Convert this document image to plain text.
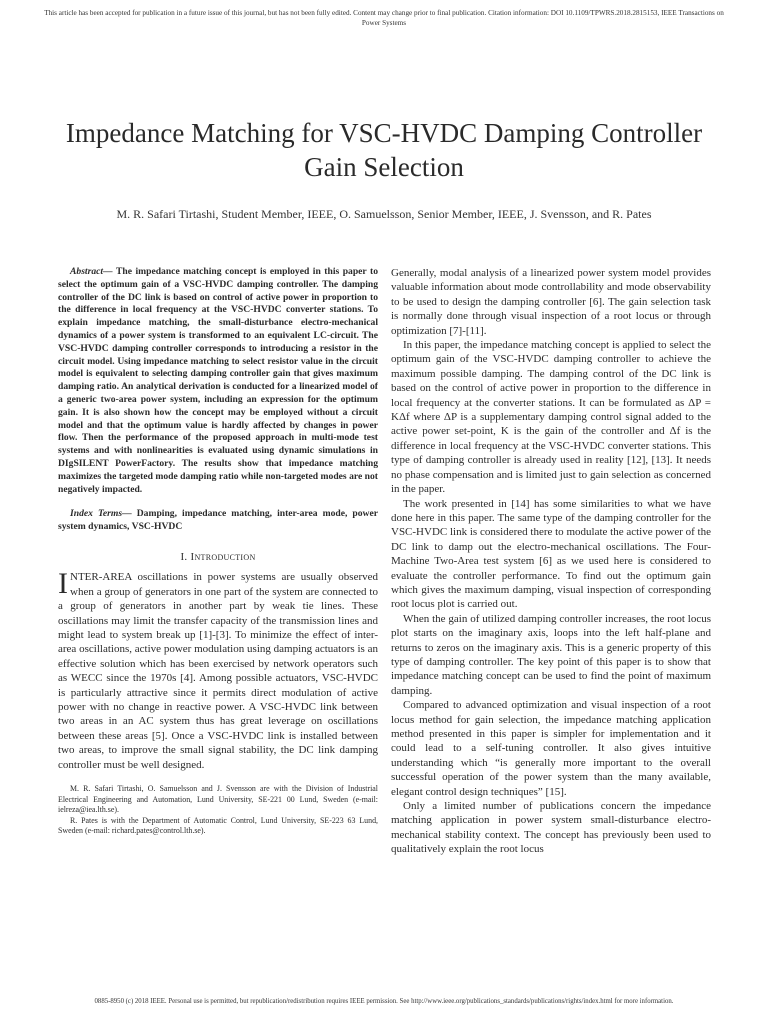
This article has been accepted for publication in a future issue of this journal, but has not been fully edited. Content may change prior to final publication. Citation information: DOI 10.1109/TPWRS.2018.2815153, IEEE Transactions on Power Systems
Impedance Matching for VSC-HVDC Damping Controller Gain Selection
M. R. Safari Tirtashi, Student Member, IEEE, O. Samuelsson, Senior Member, IEEE, J. Svensson, and R. Pates

Abstract— The impedance matching concept is employed in this paper to select the optimum gain of a VSC-HVDC damping controller. The damping controller of the DC link is based on control of active power in proportion to the difference in local frequency at the VSC-HVDC converter stations. To explain impedance matching, the small-disturbance electro-mechanical dynamics of a power system is transformed to an equivalent LC-circuit. The VSC-HVDC damping controller corresponds to introducing a resistor in the circuit model. Using impedance matching to select resistor value in the circuit model is equivalent to selecting damping controller gain that gives maximum damping ratio. An analytical derivation is conducted for a linearized model of a generic two-area power system, including an expression for the optimum gain. It is also shown how the concept may be employed without a circuit model and that the optimum value is hardly affected by changes in power flow. Then the performance of the proposed approach in multi-mode test systems and with nonlinearities is evaluated using dynamic simulations in DIgSILENT PowerFactory. The results show that impedance matching maximizes the targeted mode damping ratio while non-targeted modes are not negatively impacted.

Index Terms— Damping, impedance matching, inter-area mode, power system dynamics, VSC-HVDC

I. Introduction

I NTER-AREA oscillations in power systems are usually observed when a group of generators in one part of the system are connected to a group of generators in another part by weak tie lines. These oscillations may limit the transfer capacity of the transmission lines and might lead to system break up [1]-[3]. To minimize the effect of inter-area oscillations, active power modulation using damping actuators is an effective solution which has been exercised by network operators such as WECC since the 1970s [4]. Among possible actuators, VSC-HVDC is particularly attractive since it permits direct modulation of active power with no change in reactive power. A VSC-HVDC link between two areas in an AC system thus has great leverage on oscillations between these areas [5]. Once a VSC-HVDC link is installed between two areas, to improve the small signal stability, the DC link damping controller must be well designed.

M. R. Safari Tirtashi, O. Samuelsson and J. Svensson are with the Division of Industrial Electrical Engineering and Automation, Lund University, SE-221 00 Lund, Sweden (e-mail: ielreza@iea.lth.se).

R. Pates is with the Department of Automatic Control, Lund University, SE-223 63 Lund, Sweden (e-mail: richard.pates@control.lth.se).

Generally, modal analysis of a linearized power system model provides valuable information about mode controllability and mode observability to be used to design the damping controller [6]. The gain selection task is normally done through visual inspection of a root locus or through optimization [7]-[11].

In this paper, the impedance matching concept is applied to select the optimum gain of the VSC-HVDC damping controller to achieve the maximum possible damping. The damping control of the DC link is based on the control of active power in proportion to the difference in local frequency at the converter stations. It can be formulated as ΔP = KΔf where ΔP is a supplementary damping control signal added to the active power set-point, K is the gain of the controller and Δf is the difference in local frequency at the VSC-HVDC converter stations. This type of damping controller is already used in reality [12], [13]. It needs no phase compensation and is limited just to gain selection as concerned in the paper.

The work presented in [14] has some similarities to what we have done here in this paper. The same type of the damping controller for the VSC-HVDC link is considered there to modulate the active power of the DC link to damp out the electro-mechanical oscillations. The Four-Machine Two-Area test system [6] as we used here is considered to evaluate the controller performance. To find out the optimum gain which gives the maximum damping, visual inspection of corresponding root locus plot is carried out.

When the gain of utilized damping controller increases, the root locus plot starts on the imaginary axis, loops into the left half-plane and returns to zeros on the imaginary axis. This is a generic property of this type of damping controller. The key point of this paper is to show that impedance matching concept can be used to find the point of maximum damping.

Compared to advanced optimization and visual inspection of a root locus method for gain selection, the impedance matching application method presented in this paper is simpler for implementation and it could lead to a self-tuning controller. It also gives intuitive understanding which “is generally more important to the overall successful operation of the power system than the many available, elegant control design techniques” [15].

Only a limited number of publications concern the impedance matching application in power system small-disturbance electro-mechanical stability context. The concept has previously been used to qualitatively explain the root locus

0885-8950 (c) 2018 IEEE. Personal use is permitted, but republication/redistribution requires IEEE permission. See http://www.ieee.org/publications_standards/publications/rights/index.html for more information.
